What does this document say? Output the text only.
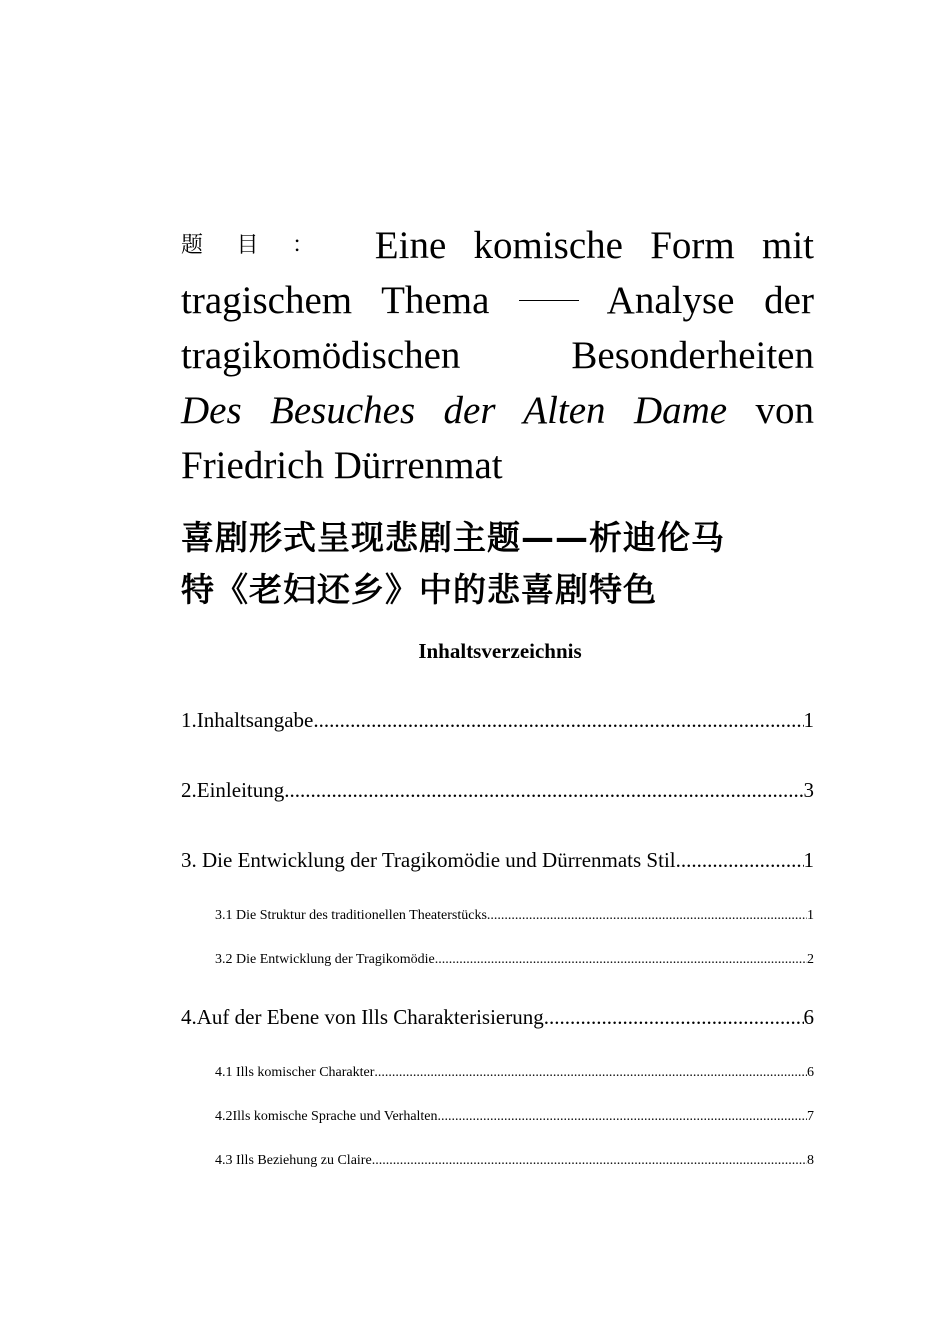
题目： Eine komische Form mit
tragischem Thema	Analyse der
tragikomödischen Besonderheiten
Des Besuches der Alten Dame von
Friedrich Dürrenmat
喜剧形式呈现悲剧主题——析迪伦马
特《老妇还乡》中的悲喜剧特色
Inhaltsverzeichnis
1.Inhaltsangabe .....	1
2.Einleitung .....	3
3. Die Entwicklung der Tragikomödie und Dürrenmats Stil .....	1
3.1 Die Struktur des traditionellen Theaterstücks .....	1
3.2 Die Entwicklung der Tragikomödie .....	2
4.Auf der Ebene von Ills Charakterisierung .....	6
4.1 Ills komischer Charakter .....	6
4.2Ills komische Sprache und Verhalten .....	7
4.3 Ills Beziehung zu Claire .....	8
